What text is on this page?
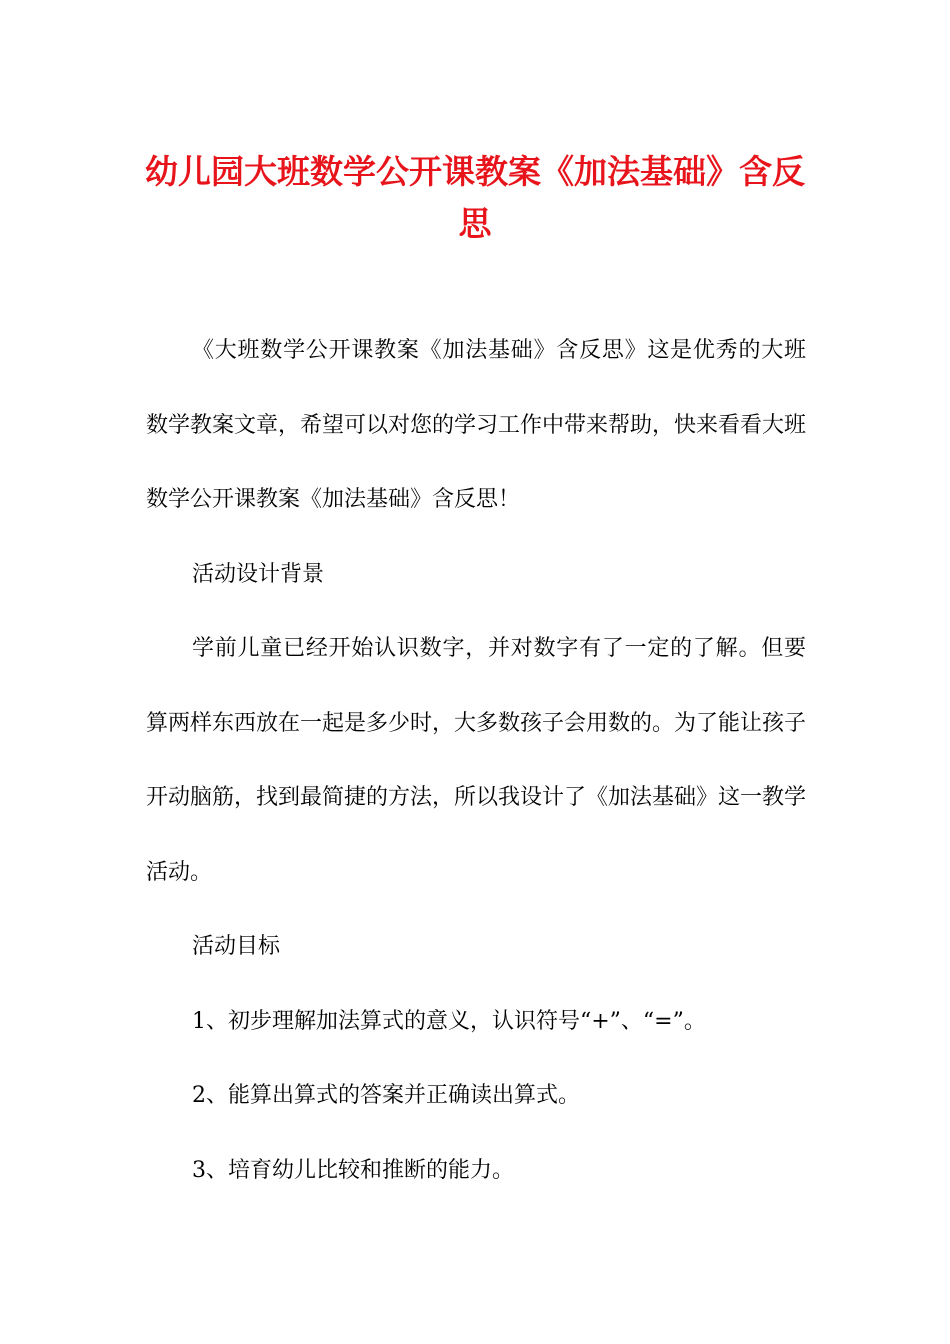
幼儿园大班数学公开课教案《加法基础》含反思

《大班数学公开课教案《加法基础》含反思》这是优秀的大班数学教案文章，希望可以对您的学习工作中带来帮助，快来看看大班数学公开课教案《加法基础》含反思！

活动设计背景

学前儿童已经开始认识数字，并对数字有了一定的了解。但要算两样东西放在一起是多少时，大多数孩子会用数的。为了能让孩子开动脑筋，找到最简捷的方法，所以我设计了《加法基础》这一教学活动。

活动目标

1、初步理解加法算式的意义，认识符号“+”、“=”。

2、能算出算式的答案并正确读出算式。

3、培育幼儿比较和推断的能力。
